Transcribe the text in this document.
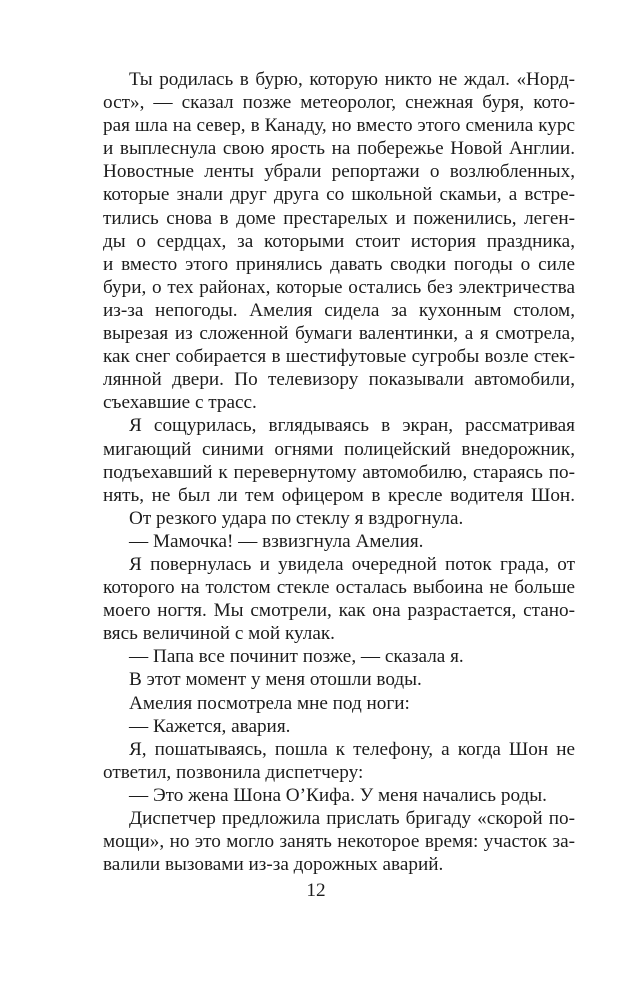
Ты родилась в бурю, которую никто не ждал. «Норд-
ост», — сказал позже метеоролог, снежная буря, кото-
рая шла на север, в Канаду, но вместо этого сменила курс
и выплеснула свою ярость на побережье Новой Англии.
Новостные ленты убрали репортажи о возлюбленных,
которые знали друг друга со школьной скамьи, а встре-
тились снова в доме престарелых и поженились, леген-
ды о сердцах, за которыми стоит история праздника,
и вместо этого принялись давать сводки погоды о силе
бури, о тех районах, которые остались без электричества
из-за непогоды. Амелия сидела за кухонным столом,
вырезая из сложенной бумаги валентинки, а я смотрела,
как снег собирается в шестифутовые сугробы возле стек-
лянной двери. По телевизору показывали автомобили,
съехавшие с трасс.
Я сощурилась, вглядываясь в экран, рассматривая
мигающий синими огнями полицейский внедорожник,
подъехавший к перевернутому автомобилю, стараясь по-
нять, не был ли тем офицером в кресле водителя Шон.
От резкого удара по стеклу я вздрогнула.
— Мамочка! — взвизгнула Амелия.
Я повернулась и увидела очередной поток града, от
которого на толстом стекле осталась выбоина не больше
моего ногтя. Мы смотрели, как она разрастается, стано-
вясь величиной с мой кулак.
— Папа все починит позже, — сказала я.
В этот момент у меня отошли воды.
Амелия посмотрела мне под ноги:
— Кажется, авария.
Я, пошатываясь, пошла к телефону, а когда Шон не
ответил, позвонила диспетчеру:
— Это жена Шона О’Кифа. У меня начались роды.
Диспетчер предложила прислать бригаду «скорой по-
мощи», но это могло занять некоторое время: участок за-
валили вызовами из-за дорожных аварий.
12
